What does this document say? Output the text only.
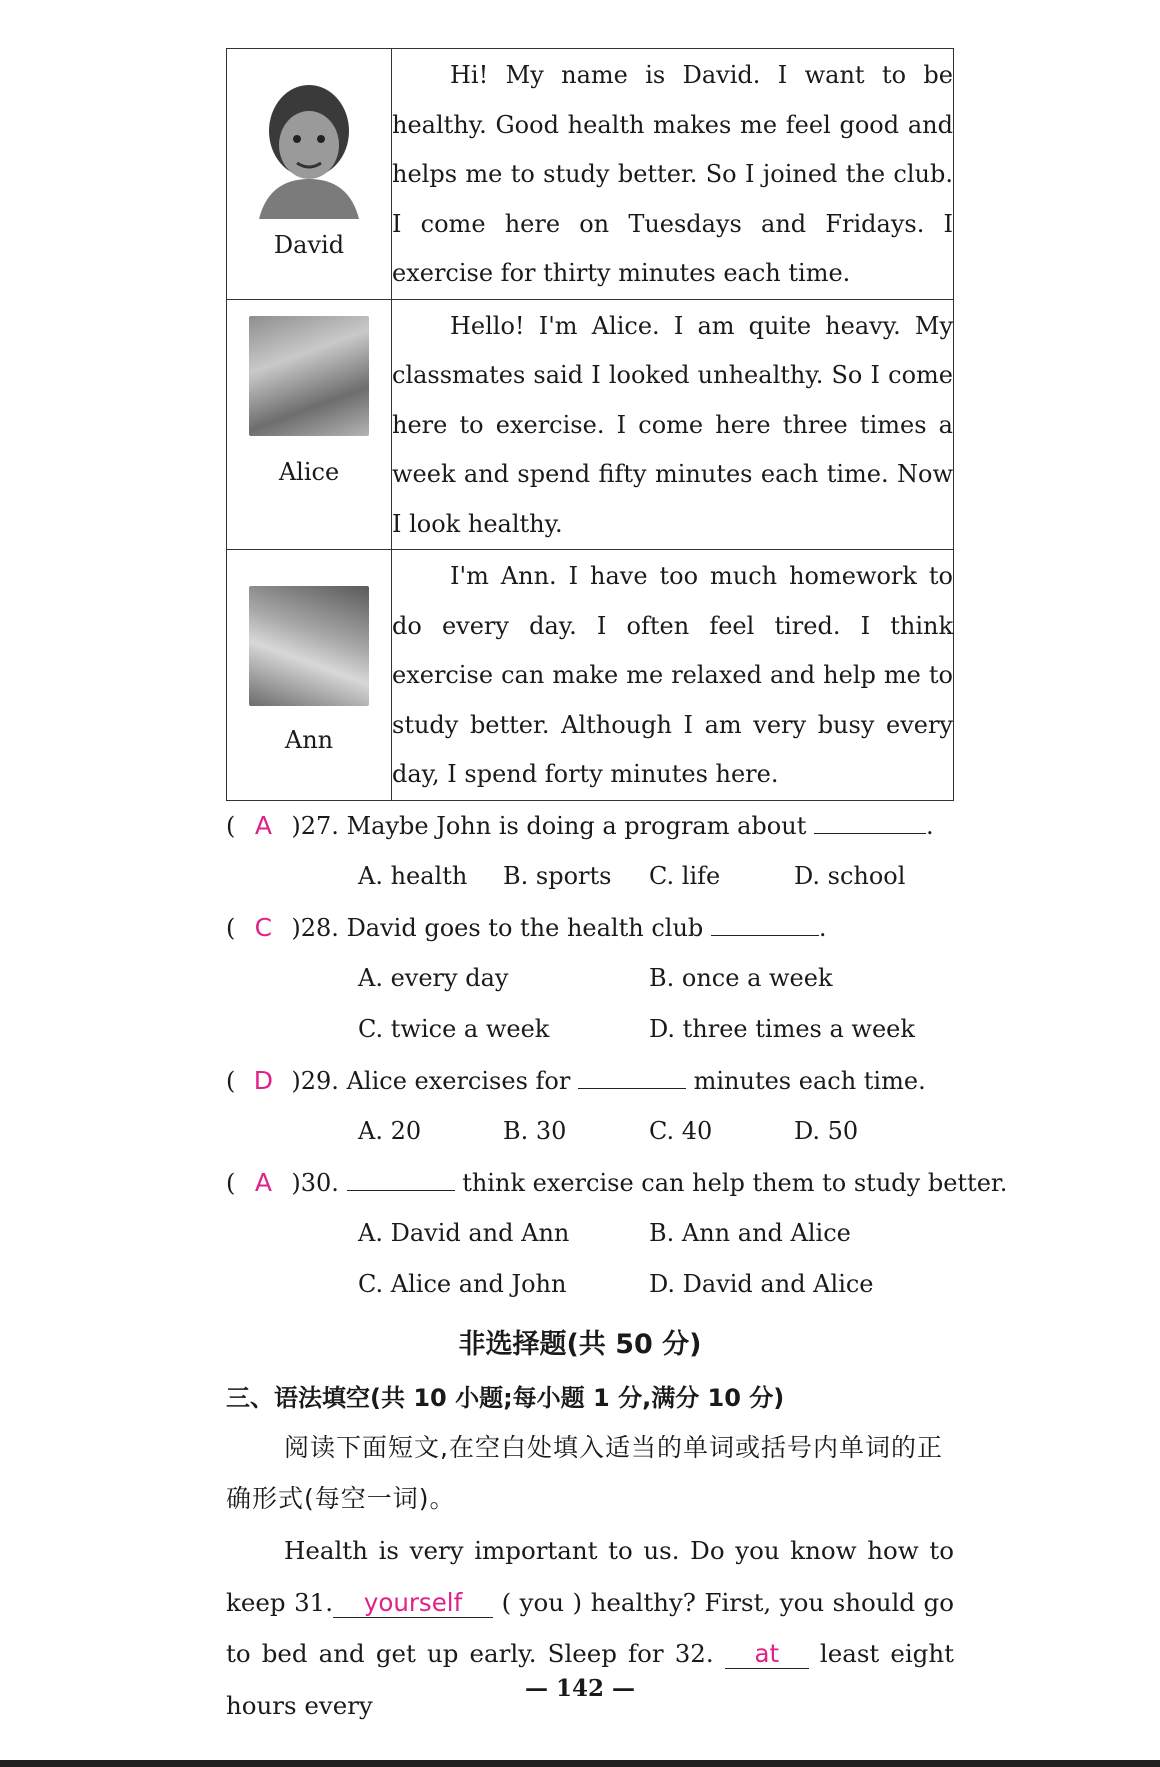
David	Hi! My name is David. I want to be healthy. Good health makes me feel good and helps me to study better. So I joined the club. I come here on Tuesdays and Fridays. I exercise for thirty minutes each time.

Alice	Hello! I'm Alice. I am quite heavy. My classmates said I looked unhealthy. So I come here to exercise. I come here three times a week and spend fifty minutes each time. Now I look healthy.

Ann	I'm Ann. I have too much homework to do every day. I often feel tired. I think exercise can make me relaxed and help me to study better. Although I am very busy every day, I spend forty minutes here.

( A )27. Maybe John is doing a program about	.
A. health B. sports C. life	D. school
( C )28. David goes to the health club	.
A. every day	B. once a week
C. twice a week	D. three times a week
( D )29. Alice exercises for	minutes each time.
A. 20	B. 30	C. 40	D. 50
( A )30.	think exercise can help them to study better.
A. David and Ann	B. Ann and Alice
C. Alice and John	D. David and Alice
非选择题(共 50 分)
三、语法填空(共 10 小题;每小题 1 分,满分 10 分)
阅读下面短文,在空白处填入适当的单词或括号内单词的正确形式(每空一词)。
Health is very important to us. Do you know how to keep 31. yourself ( you ) healthy? First, you should go to bed and get up early. Sleep for 32. at least eight hours every
— 142 —
